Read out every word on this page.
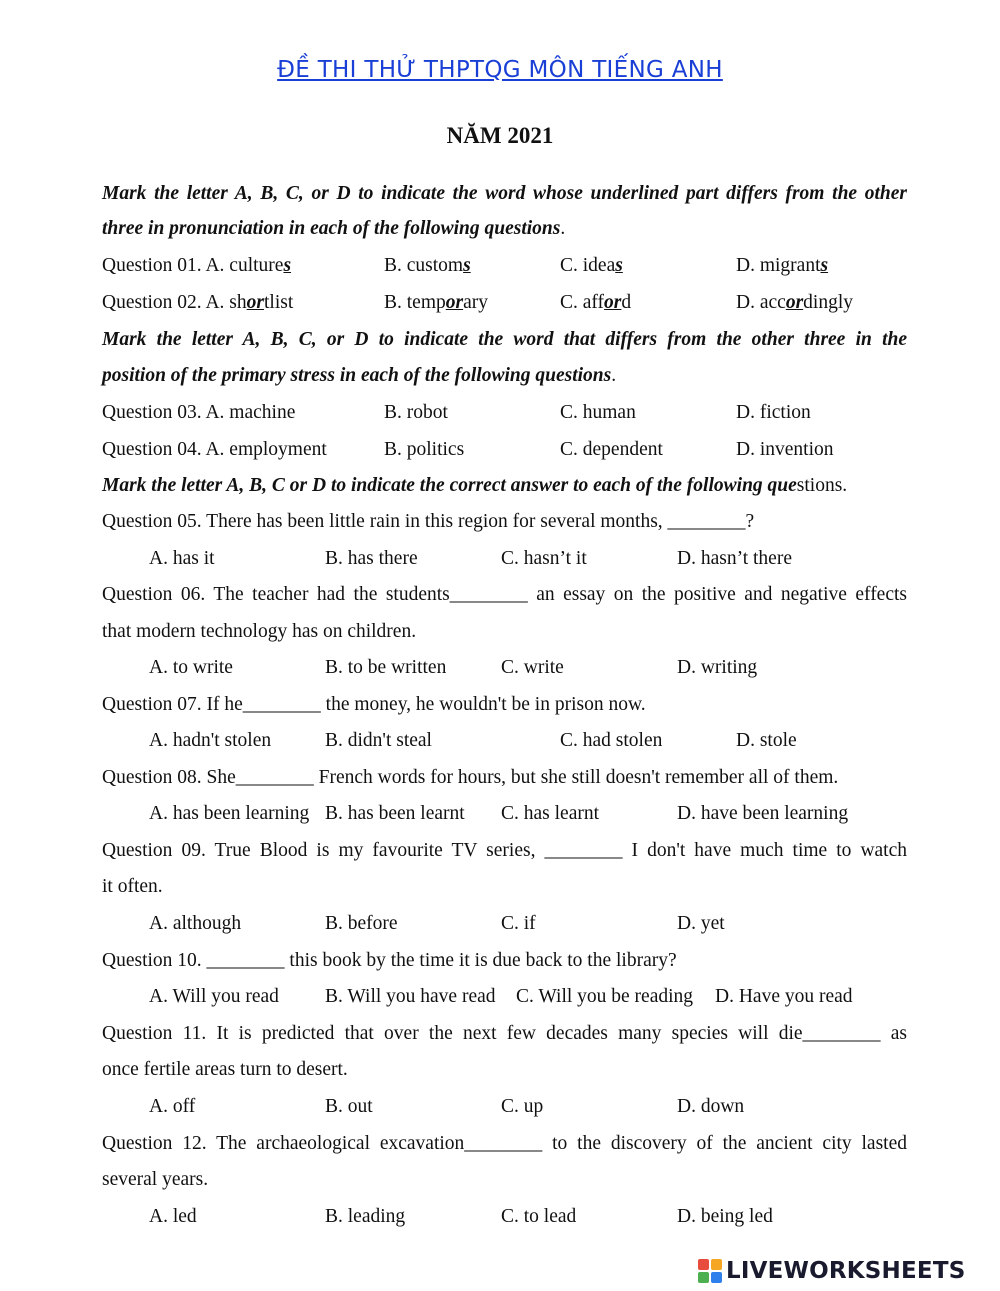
ĐỀ THI THỬ THPTQG MÔN TIẾNG ANH
NĂM 2021
Mark the letter A, B, C, or D to indicate the word whose underlined part differs from the other
three in pronunciation in each of the following questions.
Question 01. A. cultures	B. customs	C. ideas	D. migrants
Question 02. A. shortlist	B. temporary	C. afford	D. accordingly
Mark the letter A, B, C, or D to indicate the word that differs from the other three in the
position of the primary stress in each of the following questions.
Question 03. A. machine	B. robot	C. human	D. fiction
Question 04. A. employment	B. politics	C. dependent	D. invention
Mark the letter A, B, C or D to indicate the correct answer to each of the following questions.
Question 05. There has been little rain in this region for several months, ________?
A. has it	B. has there	C. hasn’t it	D. hasn’t there
Question 06. The teacher had the students________ an essay on the positive and negative effects
that modern technology has on children.
A. to write	B. to be written	C. write	D. writing
Question 07. If he________ the money, he wouldn't be in prison now.
A. hadn't stolen	B. didn't steal	C. had stolen	D. stole
Question 08. She________ French words for hours, but she still doesn't remember all of them.
A. has been learning B. has been learnt C. has learnt	D. have been learning
Question 09. True Blood is my favourite TV series, ________ I don't have much time to watch
it often.
A. although	B. before	C. if	D. yet
Question 10. ________ this book by the time it is due back to the library?
A. Will you read B. Will you have read C. Will you be reading D. Have you read
Question 11. It is predicted that over the next few decades many species will die________ as
once fertile areas turn to desert.
A. off	B. out	C. up	D. down
Question 12. The archaeological excavation________ to the discovery of the ancient city lasted
several years.
A. led	B. leading	C. to lead	D. being led
LIVEWORKSHEETS
